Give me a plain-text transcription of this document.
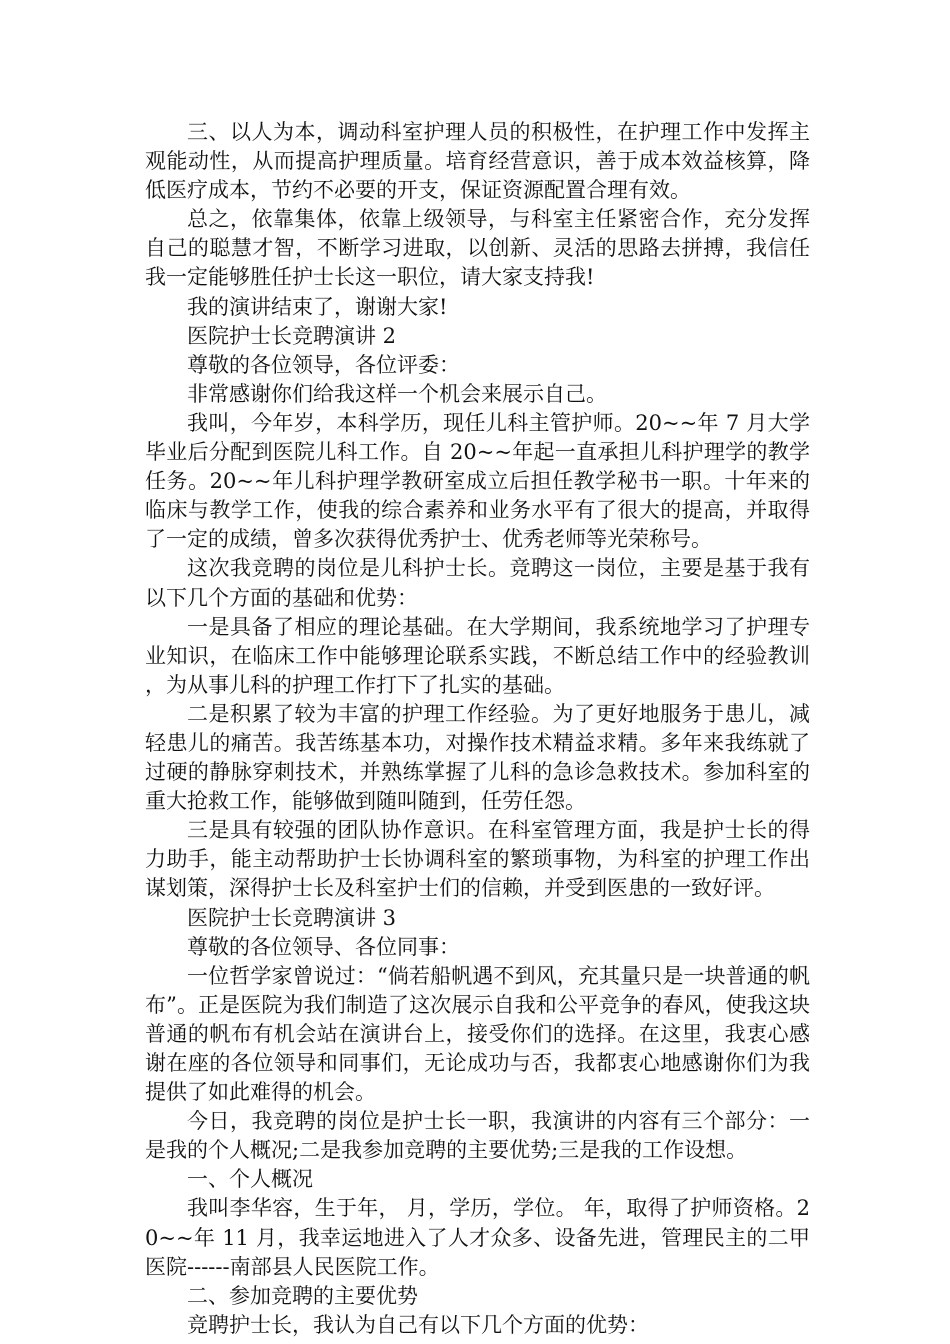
三、以人为本，调动科室护理人员的积极性，在护理工作中发挥主观能动性，从而提高护理质量。培育经营意识，善于成本效益核算，降低医疗成本，节约不必要的开支，保证资源配置合理有效。

总之，依靠集体，依靠上级领导，与科室主任紧密合作，充分发挥自己的聪慧才智，不断学习进取，以创新、灵活的思路去拼搏，我信任我一定能够胜任护士长这一职位，请大家支持我!

我的演讲结束了，谢谢大家!

医院护士长竞聘演讲 2

尊敬的各位领导，各位评委：

非常感谢你们给我这样一个机会来展示自己。

我叫，今年岁，本科学历，现任儿科主管护师。20~~年 7 月大学毕业后分配到医院儿科工作。自 20~~年起一直承担儿科护理学的教学任务。20~~年儿科护理学教研室成立后担任教学秘书一职。十年来的临床与教学工作，使我的综合素养和业务水平有了很大的提高，并取得了一定的成绩，曾多次获得优秀护士、优秀老师等光荣称号。

这次我竞聘的岗位是儿科护士长。竞聘这一岗位，主要是基于我有以下几个方面的基础和优势：

一是具备了相应的理论基础。在大学期间，我系统地学习了护理专业知识，在临床工作中能够理论联系实践，不断总结工作中的经验教训，为从事儿科的护理工作打下了扎实的基础。

二是积累了较为丰富的护理工作经验。为了更好地服务于患儿，减轻患儿的痛苦。我苦练基本功，对操作技术精益求精。多年来我练就了过硬的静脉穿刺技术，并熟练掌握了儿科的急诊急救技术。参加科室的重大抢救工作，能够做到随叫随到，任劳任怨。

三是具有较强的团队协作意识。在科室管理方面，我是护士长的得力助手，能主动帮助护士长协调科室的繁琐事物，为科室的护理工作出谋划策，深得护士长及科室护士们的信赖，并受到医患的一致好评。

医院护士长竞聘演讲 3

尊敬的各位领导、各位同事：

一位哲学家曾说过：“倘若船帆遇不到风，充其量只是一块普通的帆布”。正是医院为我们制造了这次展示自我和公平竞争的春风，使我这块普通的帆布有机会站在演讲台上，接受你们的选择。在这里，我衷心感谢在座的各位领导和同事们，无论成功与否，我都衷心地感谢你们为我提供了如此难得的机会。

今日，我竞聘的岗位是护士长一职，我演讲的内容有三个部分：一是我的个人概况;二是我参加竞聘的主要优势;三是我的工作设想。

一、个人概况

我叫李华容，生于年， 月，学历，学位。 年，取得了护师资格。20~~年 11 月，我幸运地进入了人才众多、设备先进，管理民主的二甲医院------南部县人民医院工作。

二、参加竞聘的主要优势

竞聘护士长，我认为自己有以下几个方面的优势：
